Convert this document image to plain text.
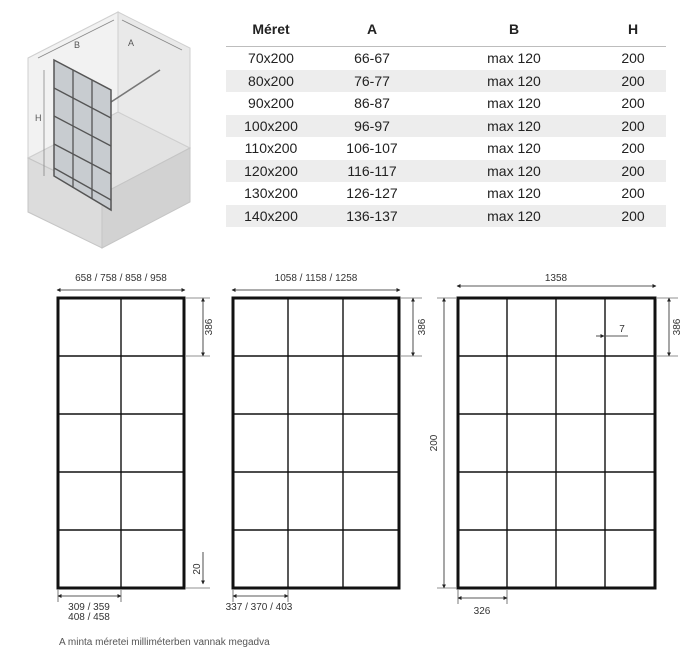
B	A
H
Méret	A	B	H
70x200	66-67	max 120	200
80x200	76-77	max 120	200
90x200	86-87	max 120	200
100x200	96-97	max 120	200
110x200	106-107	max 120	200
120x200	116-117	max 120	200
130x200	126-127	max 120	200
140x200	136-137	max 120	200
658 / 758 / 858 / 958
386
20
309 / 359
408 / 458
1058 / 1158 / 1258
386
337 / 370 / 403
1358
386
200
7
326
A minta méretei milliméterben vannak megadva
